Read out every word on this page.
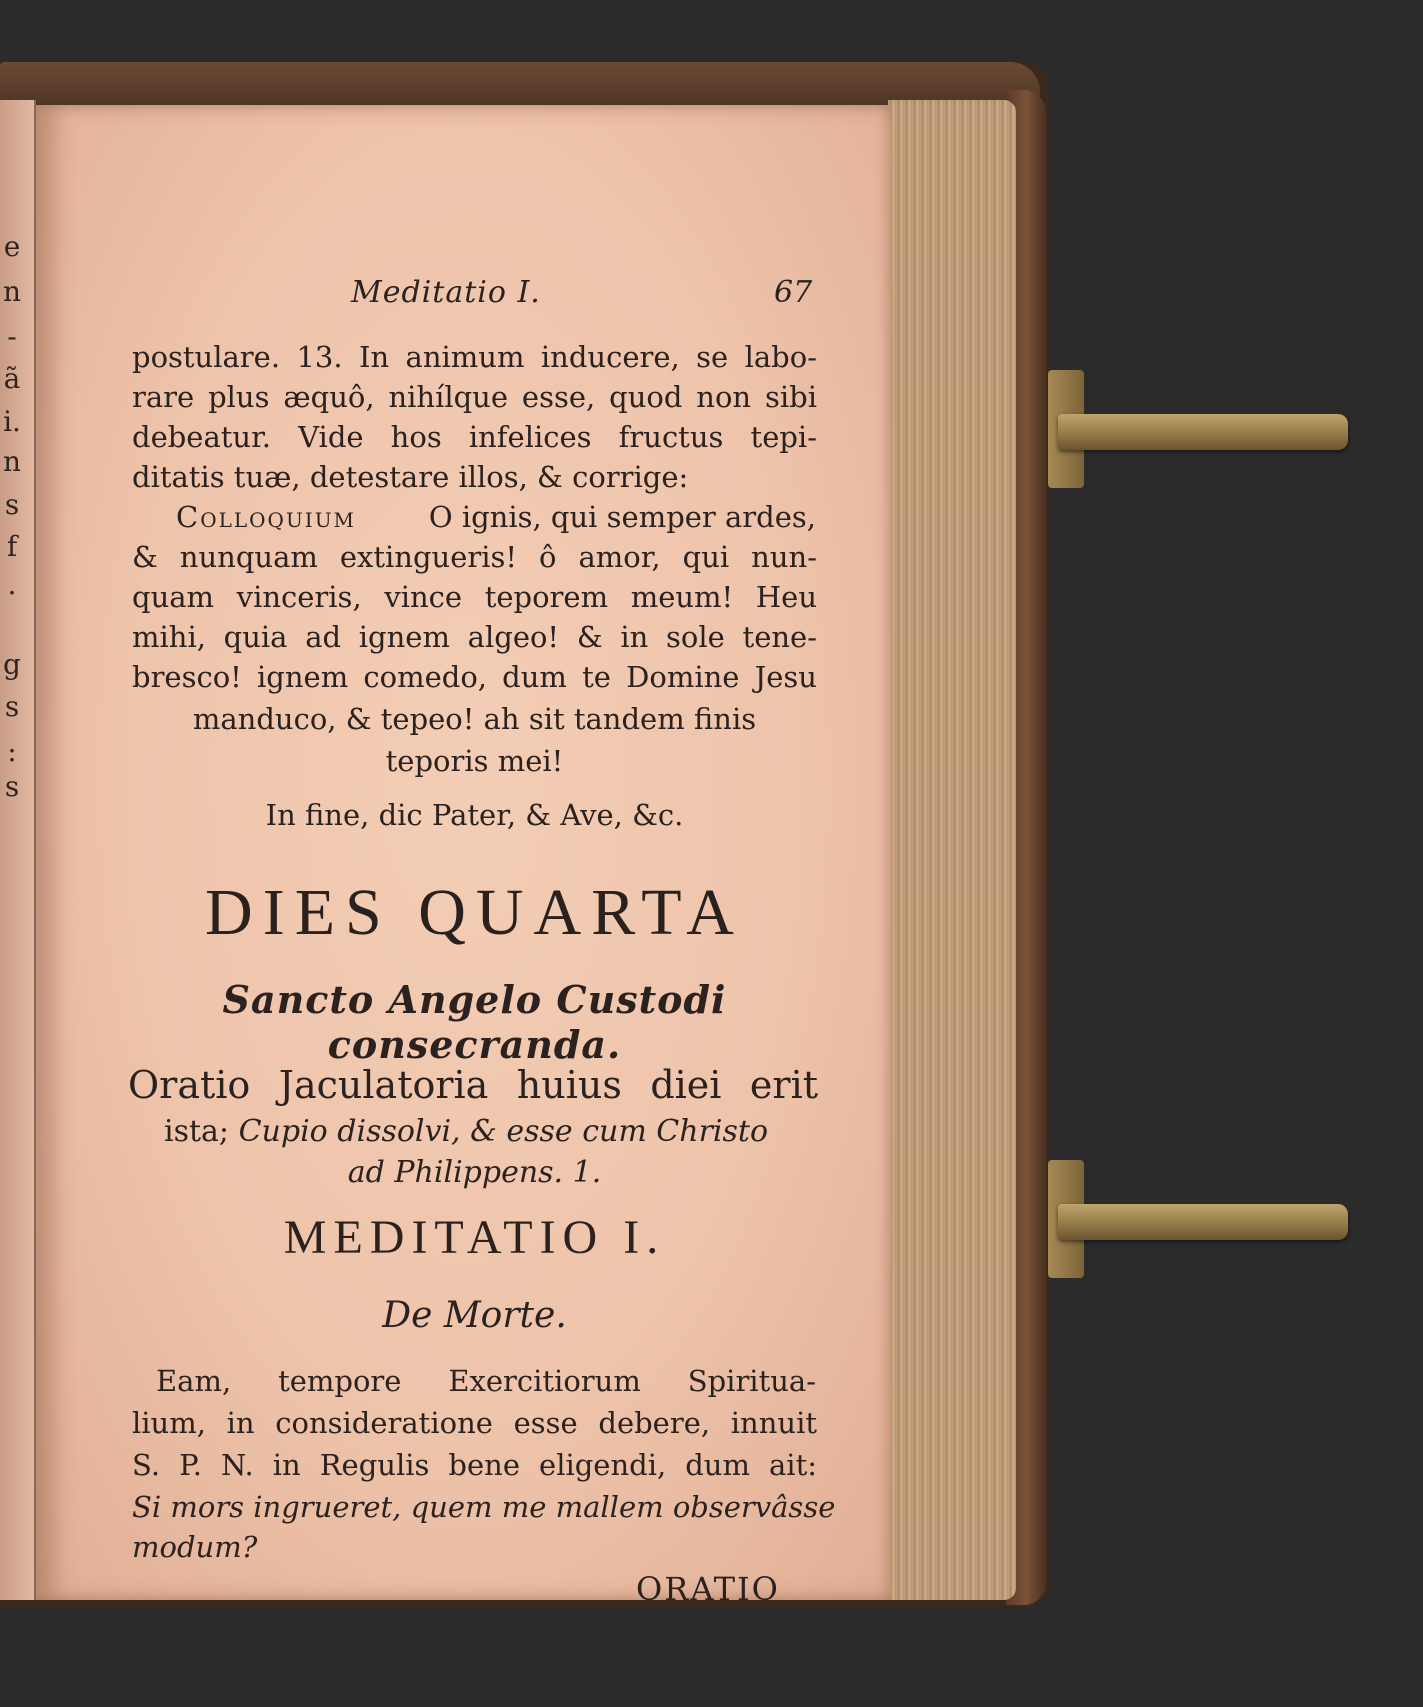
e
n
-
ã
i.
n
s
f
.
g
s
:
s
Meditatio I.	67
postulare. 13. In animum inducere, se labo-
rare plus æquô, nihílque esse, quod non sibi
debeatur. Vide hos infelices fructus tepi-
ditatis tuæ, detestare illos, & corrige:
Colloquium	O ignis, qui semper ardes,
& nunquam extingueris! ô amor, qui nun-
quam vinceris, vince teporem meum! Heu
mihi, quia ad ignem algeo! & in sole tene-
bresco! ignem comedo, dum te Domine Jesu
manduco, & tepeo! ah sit tandem finis
teporis mei!
In fine, dic Pater, & Ave, &c.
DIES QUARTA
Sancto Angelo Custodi consecranda.
Oratio Jaculatoria huius diei erit
ista; Cupio dissolvi, & esse cum Christo
ad Philippens. 1.
MEDITATIO I.
De Morte.
Eam, tempore Exercitiorum Spiritua-
lium, in consideratione esse debere, innuit
S. P. N. in Regulis bene eligendi, dum ait:
Si mors ingrueret, quem me mallem observâsse
modum?
ORATIO
